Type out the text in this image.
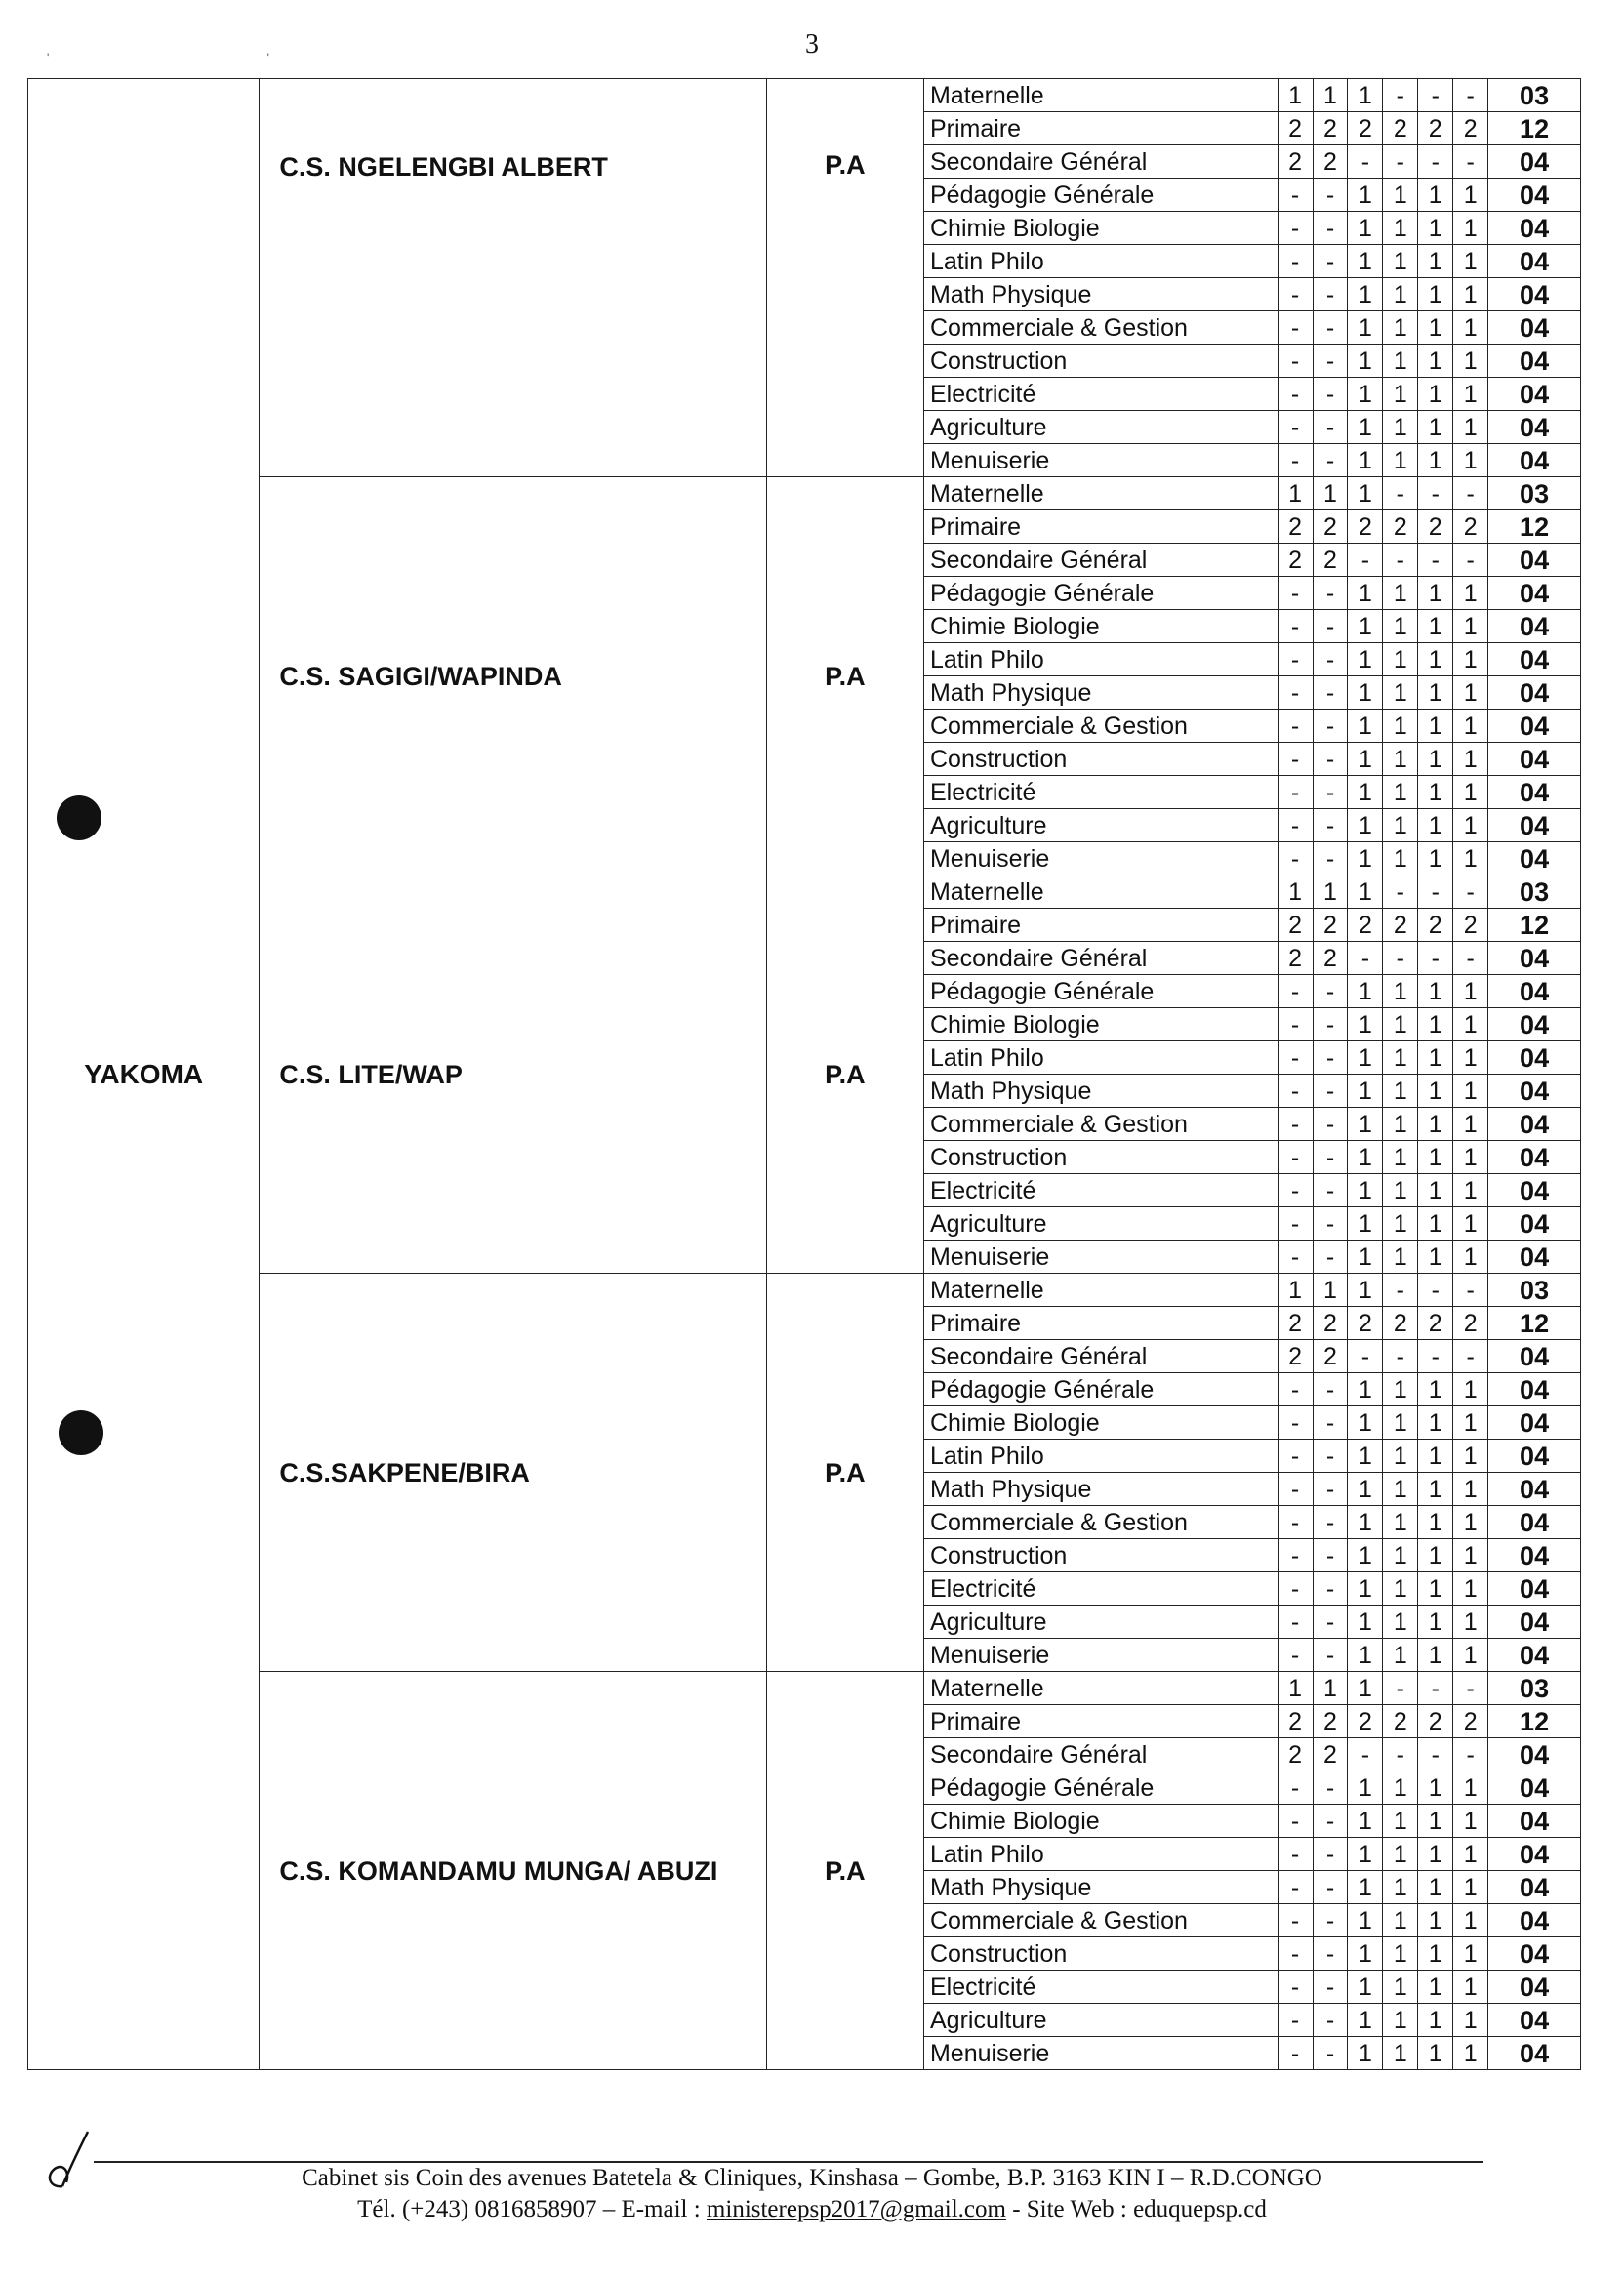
' '	3
YAKOMA	C.S. NGELENGBI ALBERT	P.A	Maternelle	1	1	1	-	-	-	03
			Primaire	2	2	2	2	2	2	12
			Secondaire Général	2	2	-	-	-	-	04
			Pédagogie Générale	-	-	1	1	1	1	04
			Chimie Biologie	-	-	1	1	1	1	04
			Latin Philo	-	-	1	1	1	1	04
			Math Physique	-	-	1	1	1	1	04
			Commerciale & Gestion	-	-	1	1	1	1	04
			Construction	-	-	1	1	1	1	04
			Electricité	-	-	1	1	1	1	04
			Agriculture	-	-	1	1	1	1	04
			Menuiserie	-	-	1	1	1	1	04
	C.S. SAGIGI/WAPINDA	P.A	Maternelle	1	1	1	-	-	-	03
			Primaire	2	2	2	2	2	2	12
			Secondaire Général	2	2	-	-	-	-	04
			Pédagogie Générale	-	-	1	1	1	1	04
			Chimie Biologie	-	-	1	1	1	1	04
			Latin Philo	-	-	1	1	1	1	04
			Math Physique	-	-	1	1	1	1	04
			Commerciale & Gestion	-	-	1	1	1	1	04
			Construction	-	-	1	1	1	1	04
			Electricité	-	-	1	1	1	1	04
			Agriculture	-	-	1	1	1	1	04
			Menuiserie	-	-	1	1	1	1	04
	C.S. LITE/WAP	P.A	Maternelle	1	1	1	-	-	-	03
			Primaire	2	2	2	2	2	2	12
			Secondaire Général	2	2	-	-	-	-	04
			Pédagogie Générale	-	-	1	1	1	1	04
			Chimie Biologie	-	-	1	1	1	1	04
			Latin Philo	-	-	1	1	1	1	04
			Math Physique	-	-	1	1	1	1	04
			Commerciale & Gestion	-	-	1	1	1	1	04
			Construction	-	-	1	1	1	1	04
			Electricité	-	-	1	1	1	1	04
			Agriculture	-	-	1	1	1	1	04
			Menuiserie	-	-	1	1	1	1	04
	C.S.SAKPENE/BIRA	P.A	Maternelle	1	1	1	-	-	-	03
			Primaire	2	2	2	2	2	2	12
			Secondaire Général	2	2	-	-	-	-	04
			Pédagogie Générale	-	-	1	1	1	1	04
			Chimie Biologie	-	-	1	1	1	1	04
			Latin Philo	-	-	1	1	1	1	04
			Math Physique	-	-	1	1	1	1	04
			Commerciale & Gestion	-	-	1	1	1	1	04
			Construction	-	-	1	1	1	1	04
			Electricité	-	-	1	1	1	1	04
			Agriculture	-	-	1	1	1	1	04
			Menuiserie	-	-	1	1	1	1	04
	C.S. KOMANDAMU MUNGA/ ABUZI	P.A	Maternelle	1	1	1	-	-	-	03
			Primaire	2	2	2	2	2	2	12
			Secondaire Général	2	2	-	-	-	-	04
			Pédagogie Générale	-	-	1	1	1	1	04
			Chimie Biologie	-	-	1	1	1	1	04
			Latin Philo	-	-	1	1	1	1	04
			Math Physique	-	-	1	1	1	1	04
			Commerciale & Gestion	-	-	1	1	1	1	04
			Construction	-	-	1	1	1	1	04
			Electricité	-	-	1	1	1	1	04
			Agriculture	-	-	1	1	1	1	04
			Menuiserie	-	-	1	1	1	1	04
Cabinet sis Coin des avenues Batetela & Cliniques, Kinshasa – Gombe, B.P. 3163 KIN I – R.D.CONGO
Tél. (+243) 0816858907 – E-mail : ministerepsp2017@gmail.com - Site Web : eduquepsp.cd
